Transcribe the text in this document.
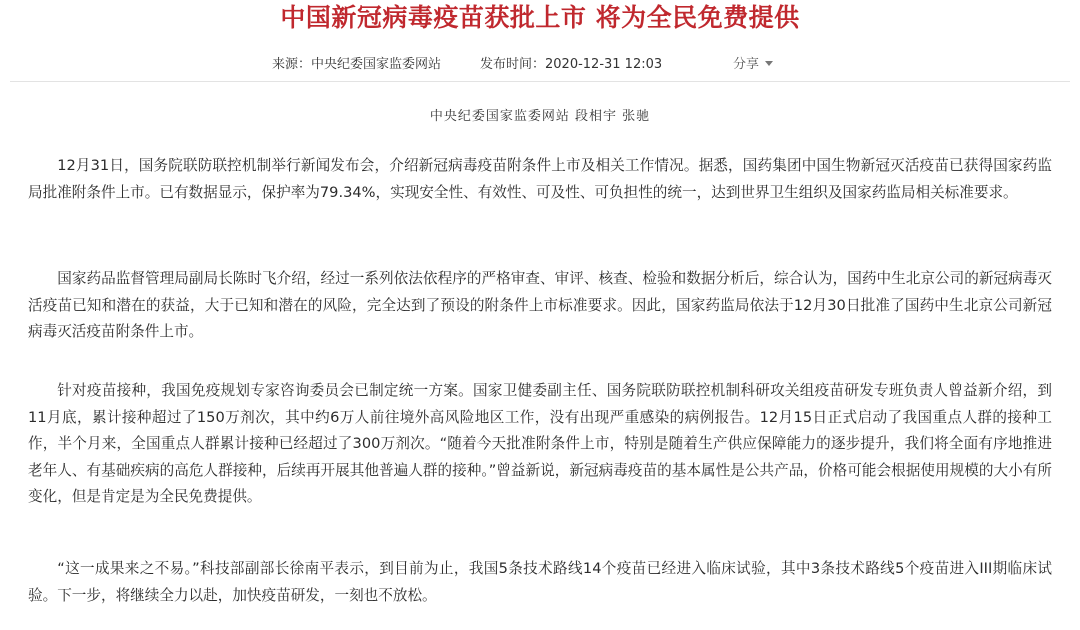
中国新冠病毒疫苗获批上市 将为全民免费提供
来源：中央纪委国家监委网站	发布时间：2020-12-31 12:03	分享
中央纪委国家监委网站 段相宇 张驰

12月31日，国务院联防联控机制举行新闻发布会，介绍新冠病毒疫苗附条件上市及相关工作情况。据悉，国药集团中国生物新冠灭活疫苗已获得国家药监局批准附条件上市。已有数据显示，保护率为79.34%，实现安全性、有效性、可及性、可负担性的统一，达到世界卫生组织及国家药监局相关标准要求。

国家药品监督管理局副局长陈时飞介绍，经过一系列依法依程序的严格审查、审评、核查、检验和数据分析后，综合认为，国药中生北京公司的新冠病毒灭活疫苗已知和潜在的获益，大于已知和潜在的风险，完全达到了预设的附条件上市标准要求。因此，国家药监局依法于12月30日批准了国药中生北京公司新冠病毒灭活疫苗附条件上市。

针对疫苗接种，我国免疫规划专家咨询委员会已制定统一方案。国家卫健委副主任、国务院联防联控机制科研攻关组疫苗研发专班负责人曾益新介绍，到11月底，累计接种超过了150万剂次，其中约6万人前往境外高风险地区工作，没有出现严重感染的病例报告。12月15日正式启动了我国重点人群的接种工作，半个月来，全国重点人群累计接种已经超过了300万剂次。“随着今天批准附条件上市，特别是随着生产供应保障能力的逐步提升，我们将全面有序地推进老年人、有基础疾病的高危人群接种，后续再开展其他普遍人群的接种。”曾益新说，新冠病毒疫苗的基本属性是公共产品，价格可能会根据使用规模的大小有所变化，但是肯定是为全民免费提供。

“这一成果来之不易。”科技部副部长徐南平表示，到目前为止，我国5条技术路线14个疫苗已经进入临床试验，其中3条技术路线5个疫苗进入III期临床试验。下一步，将继续全力以赴，加快疫苗研发，一刻也不放松。
